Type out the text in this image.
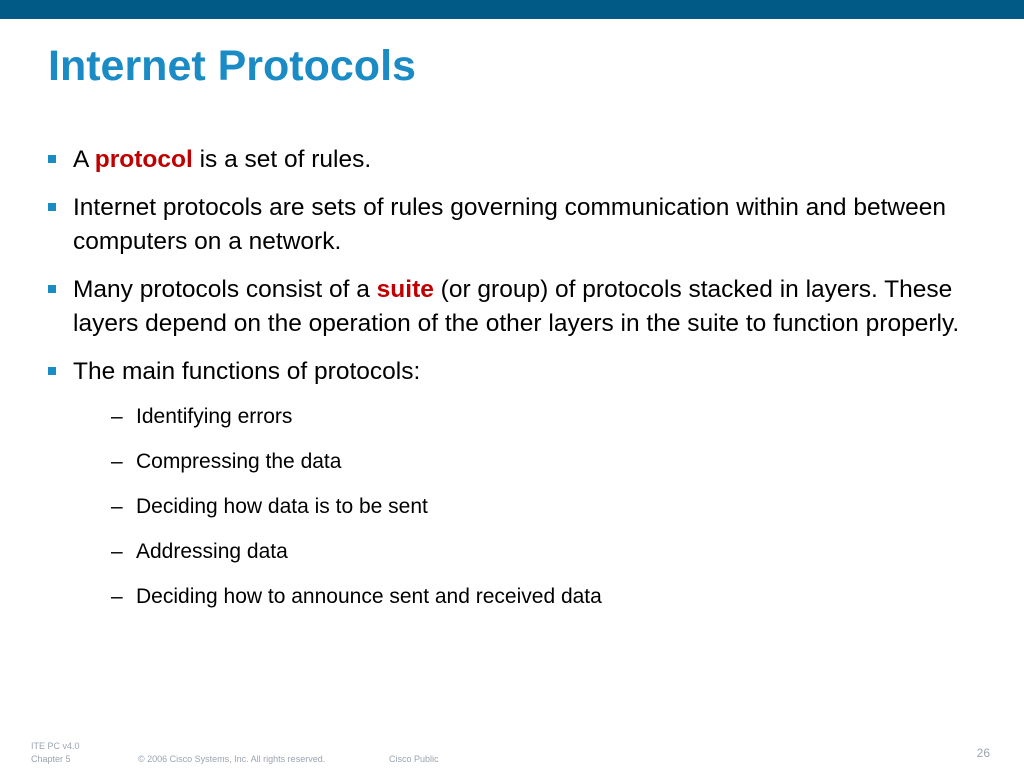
Internet Protocols
A protocol is a set of rules.
Internet protocols are sets of rules governing communication within and between computers on a network.
Many protocols consist of a suite (or group) of protocols stacked in layers. These layers depend on the operation of the other layers in the suite to function properly.
The main functions of protocols:
– Identifying errors
– Compressing the data
– Deciding how data is to be sent
– Addressing data
– Deciding how to announce sent and received data
ITE PC v4.0
Chapter 5	© 2006 Cisco Systems, Inc. All rights reserved.	Cisco Public	26
